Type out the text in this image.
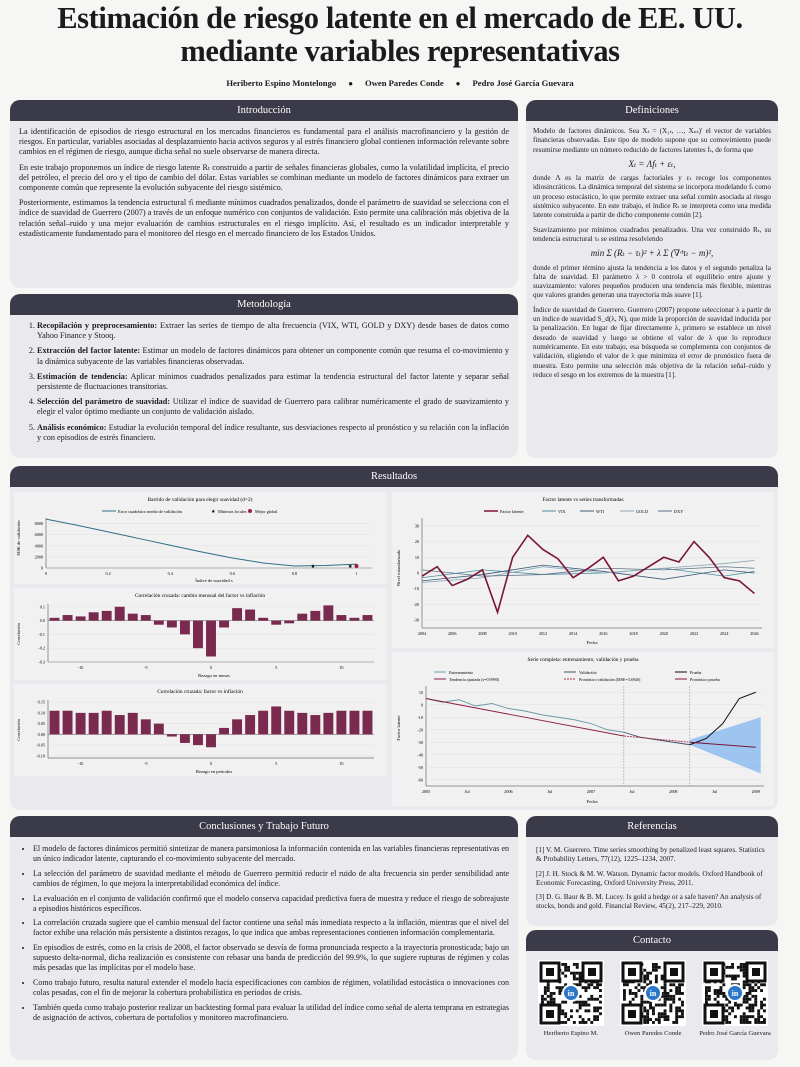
Estimación de riesgo latente en el mercado de EE. UU.
mediante variables representativas
Heriberto Espino Montelongo ● Owen Paredes Conde ● Pedro José García Guevara
Introducción

La identificación de episodios de riesgo estructural en los mercados financieros es fundamental para el análisis macrofinanciero y la gestión de riesgos. En particular, variables asociadas al desplazamiento hacia activos seguros y al estrés financiero global contienen información relevante sobre cambios en el régimen de riesgo, aunque dicha señal no suele observarse de manera directa.

En este trabajo proponemos un índice de riesgo latente Rₜ construido a partir de señales financieras globales, como la volatilidad implícita, el precio del petróleo, el precio del oro y el tipo de cambio del dólar. Estas variables se combinan mediante un modelo de factores dinámicos para extraer un componente común que represente la evolución subyacente del riesgo sistémico.

Posteriormente, estimamos la tendencia estructural τ̂ₜ mediante mínimos cuadrados penalizados, donde el parámetro de suavidad se selecciona con el índice de suavidad de Guerrero (2007) a través de un enfoque numérico con conjuntos de validación. Esto permite una calibración más objetiva de la relación señal–ruido y una mejor evaluación de cambios estructurales en el riesgo implícito. Así, el resultado es un indicador interpretable y estadísticamente fundamentado para el monitoreo del riesgo en el mercado financiero de los Estados Unidos.

Metodología
1. Recopilación y preprocesamiento: Extraer las series de tiempo de alta frecuencia (VIX, WTI, GOLD y DXY) desde bases de datos como Yahoo Finance y Stooq.
2. Extracción del factor latente: Estimar un modelo de factores dinámicos para obtener un componente común que resuma el co-movimiento y la dinámica subyacente de las variables financieras observadas.
3. Estimación de tendencia: Aplicar mínimos cuadrados penalizados para estimar la tendencia estructural del factor latente y separar señal persistente de fluctuaciones transitorias.
4. Selección del parámetro de suavidad: Utilizar el índice de suavidad de Guerrero para calibrar numéricamente el grado de suavizamiento y elegir el valor óptimo mediante un conjunto de validación aislado.
5. Análisis económico: Estudiar la evolución temporal del índice resultante, sus desviaciones respecto al pronóstico y su relación con la inflación y con episodios de estrés financiero.
Definiciones

Modelo de factores dinámicos. Sea Xₜ = (X₁ₜ, …, Xₙₜ)′ el vector de variables financieras observadas. Este tipo de modelo supone que su comovimiento puede resumirse mediante un número reducido de factores latentes fₜ, de forma que

Xₜ = Λfₜ + εₜ,

donde Λ es la matriz de cargas factoriales y εₜ recoge los componentes idiosincráticos. La dinámica temporal del sistema se incorpora modelando fₜ como un proceso estocástico, lo que permite extraer una señal común asociada al riesgo sistémico subyacente. En este trabajo, el índice Rₜ se interpreta como una medida latente construida a partir de dicho componente común [2].

Suavizamiento por mínimos cuadrados penalizados. Una vez construido Rₜ, su tendencia estructural τₜ se estima resolviendo

min Σ (Rₜ − τₜ)² + λ Σ (∇ᵈτₜ − m)²,

donde el primer término ajusta la tendencia a los datos y el segundo penaliza la falta de suavidad. El parámetro λ > 0 controla el equilibrio entre ajuste y suavizamiento: valores pequeños producen una tendencia más flexible, mientras que valores grandes generan una trayectoria más suave [1].

Índice de suavidad de Guerrero. Guerrero (2007) propone seleccionar λ a partir de un índice de suavidad S_d(λ, N), que mide la proporción de suavidad inducida por la penalización. En lugar de fijar directamente λ, primero se establece un nivel deseado de suavidad y luego se obtiene el valor de λ que lo reproduce numéricamente. En este trabajo, esa búsqueda se complementa con conjuntos de validación, eligiendo el valor de λ que minimiza el error de pronóstico fuera de muestra. Esto permite una selección más objetiva de la relación señal–ruido y reduce el sesgo en los extremos de la muestra [1].

Resultados
Barrido de validación para elegir suavidad (d=2)
MSE de validación
Índice de suavidad s
0
2000
4000
6000
8000
0	0.2	0.4	0.6	0.8	1
★	★
Error cuadrático medio de validación	★ Mínimos locales Mejor global
Correlación cruzada: cambio mensual del factor vs inflación
Correlación
Rezago en meses
-0.3
-0.2
-0.1
0.0
0.1
-10	-5	0	5	10
Correlación cruzada: factor vs inflación
Correlación
Rezago en periodos
-0.10
-0.05
0.00
0.05
0.10
0.15
-10	-5	0	5	10
Factor latente vs series transformadas
Nivel estandarizado
Fecha
-30
-20
-10
0
10
20
30
2004	2006	2008	2010	2012	2014	2016	2018	2020	2022	2024	2026
Factor latente	VIX	WTI	GOLD	DXY
Serie completa: entrenamiento, validación y prueba
Factor latente
Fecha
-60
-50
-40
-30
-20
-10
0
10
2005	Jul	2006	Jul	2007	Jul	2008	Jul	2009
Entrenamiento
Tendencia ajustada (s=0.9990)
Validación
Pronóstico validación (MSE=3.6940)
Prueba
Pronóstico prueba
Conclusiones y Trabajo Futuro
• El modelo de factores dinámicos permitió sintetizar de manera parsimoniosa la información contenida en las variables financieras representativas en un único indicador latente, capturando el co-movimiento subyacente del mercado.
• La selección del parámetro de suavidad mediante el método de Guerrero permitió reducir el ruido de alta frecuencia sin perder sensibilidad ante cambios de régimen, lo que mejora la interpretabilidad económica del índice.
• La evaluación en el conjunto de validación confirmó que el modelo conserva capacidad predictiva fuera de muestra y reduce el riesgo de sobreajuste a episodios históricos específicos.
• La correlación cruzada sugiere que el cambio mensual del factor contiene una señal más inmediata respecto a la inflación, mientras que el nivel del factor exhibe una relación más persistente a distintos rezagos, lo que indica que ambas representaciones contienen información complementaria.
• En episodios de estrés, como en la crisis de 2008, el factor observado se desvía de forma pronunciada respecto a la trayectoria pronosticada; bajo un supuesto delta-normal, dicha realización es consistente con rebasar una banda de predicción del 99.9%, lo que sugiere rupturas de régimen y colas más pesadas que las implícitas por el modelo base.
• Como trabajo futuro, resulta natural extender el modelo hacia especificaciones con cambios de régimen, volatilidad estocástica o innovaciones con colas pesadas, con el fin de mejorar la cobertura probabilística en periodos de crisis.
• También queda como trabajo posterior realizar un backtesting formal para evaluar la utilidad del índice como señal de alerta temprana en estrategias de asignación de activos, cobertura de portafolios y monitoreo macrofinanciero.
Referencias

[1] V. M. Guerrero. Time series smoothing by penalized least squares. Statistics & Probability Letters, 77(12), 1225–1234, 2007.

[2] J. H. Stock & M. W. Watson. Dynamic factor models. Oxford Handbook of Economic Forecasting, Oxford University Press, 2011.

[3] D. G. Baur & B. M. Lucey. Is gold a hedge or a safe haven? An analysis of stocks, bonds and gold. Financial Review, 45(2), 217–229, 2010.

Contacto
in
Heriberto Espino M.
in
Owen Paredes Conde
in
Pedro José García Guevara
